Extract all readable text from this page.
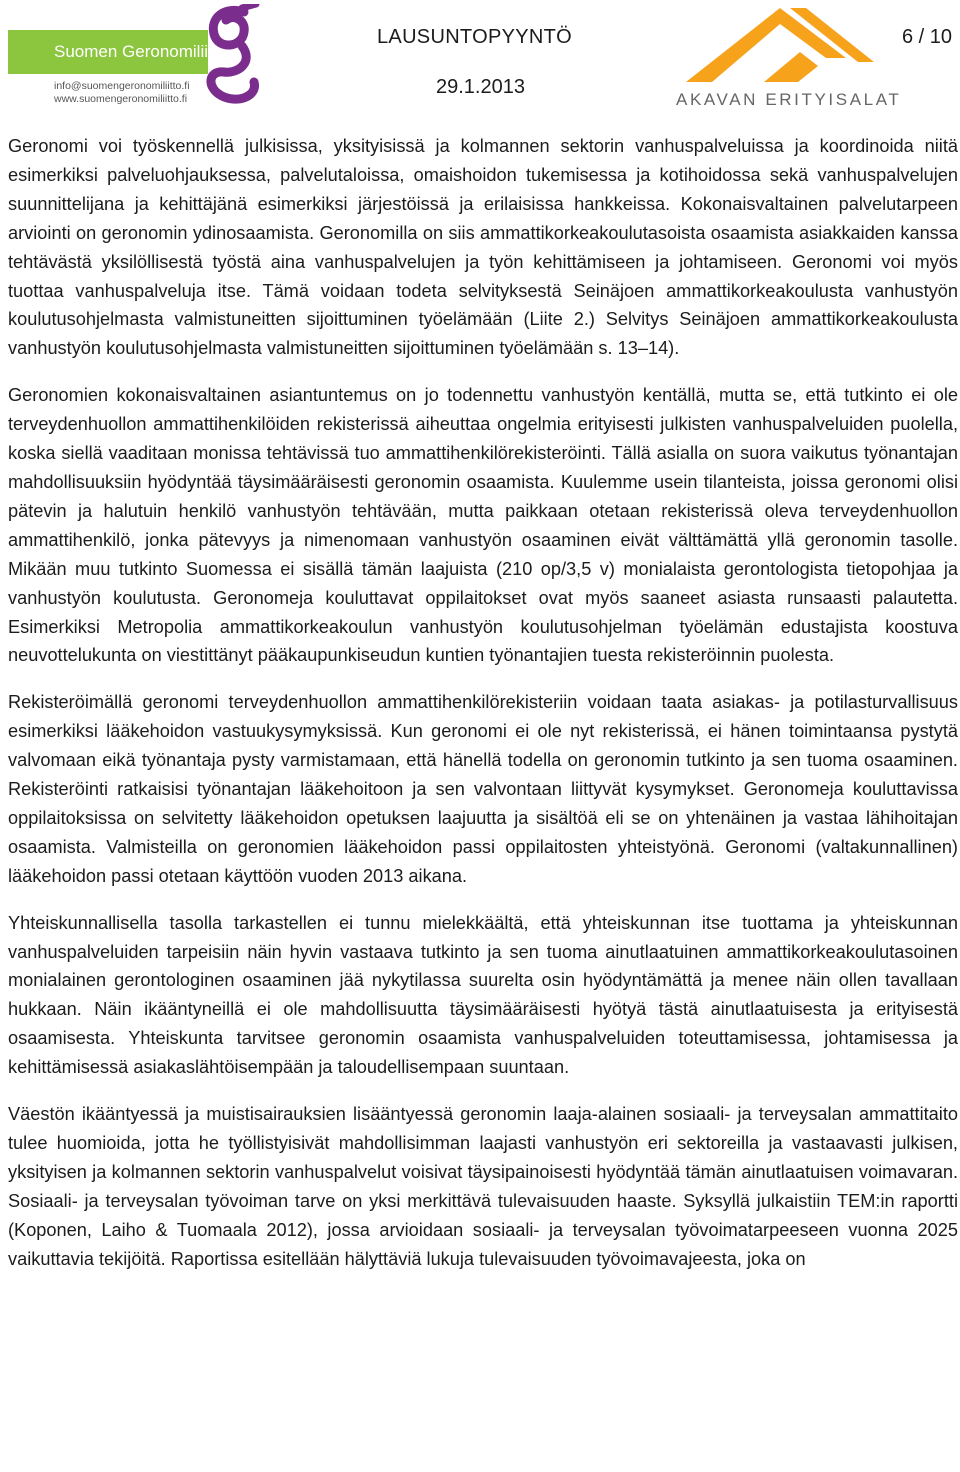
Suomen Geronomiliitto ry
info@suomengeronomiliitto.fi
www.suomengeronomiliitto.fi
LAUSUNTOPYYNTÖ
29.1.2013
6 / 10
AKAVAN ERITYISALAT

Geronomi voi työskennellä julkisissa, yksityisissä ja kolmannen sektorin vanhuspalveluissa ja koordinoida niitä esimerkiksi palveluohjauksessa, palvelutaloissa, omaishoidon tukemisessa ja kotihoidossa sekä vanhuspalvelujen suunnittelijana ja kehittäjänä esimerkiksi järjestöissä ja erilaisissa hankkeissa. Kokonaisvaltainen palvelutarpeen arviointi on geronomin ydinosaamista. Geronomilla on siis ammattikorkeakoulutasoista osaamista asiakkaiden kanssa tehtävästä yksilöllisestä työstä aina vanhuspalvelujen ja työn kehittämiseen ja johtamiseen. Geronomi voi myös tuottaa vanhuspalveluja itse. Tämä voidaan todeta selvityksestä Seinäjoen ammattikorkeakoulusta vanhustyön koulutusohjelmasta valmistuneitten sijoittuminen työelämään (Liite 2.) Selvitys Seinäjoen ammattikorkeakoulusta vanhustyön koulutusohjelmasta valmistuneitten sijoittuminen työelämään s. 13–14).

Geronomien kokonaisvaltainen asiantuntemus on jo todennettu vanhustyön kentällä, mutta se, että tutkinto ei ole terveydenhuollon ammattihenkilöiden rekisterissä aiheuttaa ongelmia erityisesti julkisten vanhuspalveluiden puolella, koska siellä vaaditaan monissa tehtävissä tuo ammattihenkilörekisteröinti. Tällä asialla on suora vaikutus työnantajan mahdollisuuksiin hyödyntää täysimääräisesti geronomin osaamista. Kuulemme usein tilanteista, joissa geronomi olisi pätevin ja halutuin henkilö vanhustyön tehtävään, mutta paikkaan otetaan rekisterissä oleva terveydenhuollon ammattihenkilö, jonka pätevyys ja nimenomaan vanhustyön osaaminen eivät välttämättä yllä geronomin tasolle. Mikään muu tutkinto Suomessa ei sisällä tämän laajuista (210 op/3,5 v) monialaista gerontologista tietopohjaa ja vanhustyön koulutusta. Geronomeja kouluttavat oppilaitokset ovat myös saaneet asiasta runsaasti palautetta. Esimerkiksi Metropolia ammattikorkeakoulun vanhustyön koulutusohjelman työelämän edustajista koostuva neuvottelukunta on viestittänyt pääkaupunkiseudun kuntien työnantajien tuesta rekisteröinnin puolesta.

Rekisteröimällä geronomi terveydenhuollon ammattihenkilörekisteriin voidaan taata asiakas- ja potilasturvallisuus esimerkiksi lääkehoidon vastuukysymyksissä. Kun geronomi ei ole nyt rekisterissä, ei hänen toimintaansa pystytä valvomaan eikä työnantaja pysty varmistamaan, että hänellä todella on geronomin tutkinto ja sen tuoma osaaminen. Rekisteröinti ratkaisisi työnantajan lääkehoitoon ja sen valvontaan liittyvät kysymykset. Geronomeja kouluttavissa oppilaitoksissa on selvitetty lääkehoidon opetuksen laajuutta ja sisältöä eli se on yhtenäinen ja vastaa lähihoitajan osaamista. Valmisteilla on geronomien lääkehoidon passi oppilaitosten yhteistyönä. Geronomi (valtakunnallinen) lääkehoidon passi otetaan käyttöön vuoden 2013 aikana.

Yhteiskunnallisella tasolla tarkastellen ei tunnu mielekkäältä, että yhteiskunnan itse tuottama ja yhteiskunnan vanhuspalveluiden tarpeisiin näin hyvin vastaava tutkinto ja sen tuoma ainutlaatuinen ammattikorkeakoulutasoinen monialainen gerontologinen osaaminen jää nykytilassa suurelta osin hyödyntämättä ja menee näin ollen tavallaan hukkaan. Näin ikääntyneillä ei ole mahdollisuutta täysimääräisesti hyötyä tästä ainutlaatuisesta ja erityisestä osaamisesta. Yhteiskunta tarvitsee geronomin osaamista vanhuspalveluiden toteuttamisessa, johtamisessa ja kehittämisessä asiakaslähtöisempään ja taloudellisempaan suuntaan.

Väestön ikääntyessä ja muistisairauksien lisääntyessä geronomin laaja-alainen sosiaali- ja terveysalan ammattitaito tulee huomioida, jotta he työllistyisivät mahdollisimman laajasti vanhustyön eri sektoreilla ja vastaavasti julkisen, yksityisen ja kolmannen sektorin vanhuspalvelut voisivat täysipainoisesti hyödyntää tämän ainutlaatuisen voimavaran. Sosiaali- ja terveysalan työvoiman tarve on yksi merkittävä tulevaisuuden haaste. Syksyllä julkaistiin TEM:in raportti (Koponen, Laiho & Tuomaala 2012), jossa arvioidaan sosiaali- ja terveysalan työvoimatarpeeseen vuonna 2025 vaikuttavia tekijöitä. Raportissa esitellään hälyttäviä lukuja tulevaisuuden työvoimavajeesta, joka on
